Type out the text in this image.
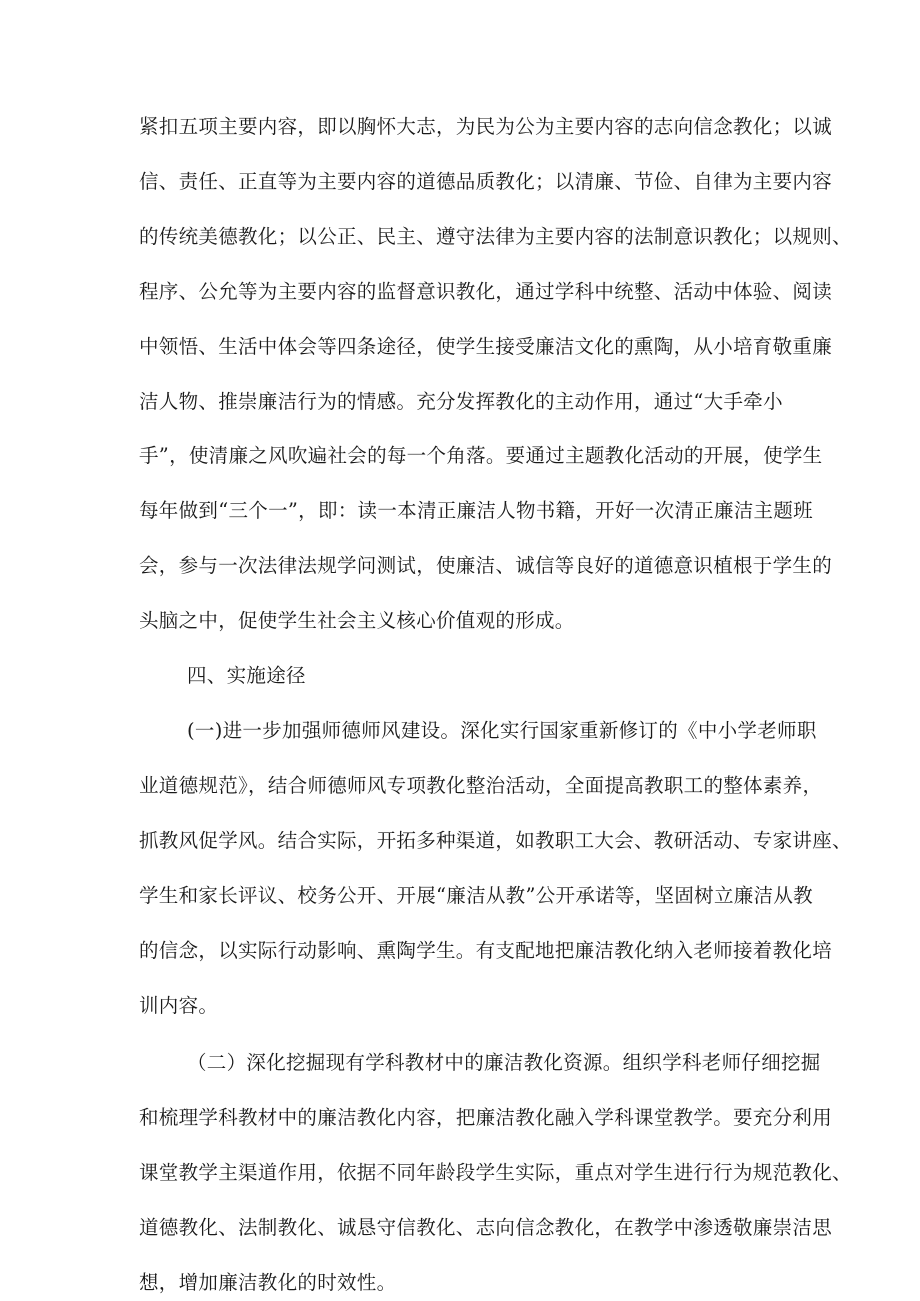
紧扣五项主要内容，即以胸怀大志，为民为公为主要内容的志向信念教化；以诚
信、责任、正直等为主要内容的道德品质教化；以清廉、节俭、自律为主要内容
的传统美德教化；以公正、民主、遵守法律为主要内容的法制意识教化；以规则、
程序、公允等为主要内容的监督意识教化，通过学科中统整、活动中体验、阅读
中领悟、生活中体会等四条途径，使学生接受廉洁文化的熏陶，从小培育敬重廉
洁人物、推崇廉洁行为的情感。充分发挥教化的主动作用，通过“大手牵小
手”，使清廉之风吹遍社会的每一个角落。要通过主题教化活动的开展，使学生
每年做到“三个一”，即：读一本清正廉洁人物书籍，开好一次清正廉洁主题班
会，参与一次法律法规学问测试，使廉洁、诚信等良好的道德意识植根于学生的
头脑之中，促使学生社会主义核心价值观的形成。
四、实施途径
(一)进一步加强师德师风建设。深化实行国家重新修订的《中小学老师职
业道德规范》，结合师德师风专项教化整治活动，全面提高教职工的整体素养，
抓教风促学风。结合实际，开拓多种渠道，如教职工大会、教研活动、专家讲座、
学生和家长评议、校务公开、开展“廉洁从教”公开承诺等，坚固树立廉洁从教
的信念，以实际行动影响、熏陶学生。有支配地把廉洁教化纳入老师接着教化培
训内容。
（二）深化挖掘现有学科教材中的廉洁教化资源。组织学科老师仔细挖掘
和梳理学科教材中的廉洁教化内容，把廉洁教化融入学科课堂教学。要充分利用
课堂教学主渠道作用，依据不同年龄段学生实际，重点对学生进行行为规范教化、
道德教化、法制教化、诚恳守信教化、志向信念教化，在教学中渗透敬廉崇洁思
想，增加廉洁教化的时效性。
